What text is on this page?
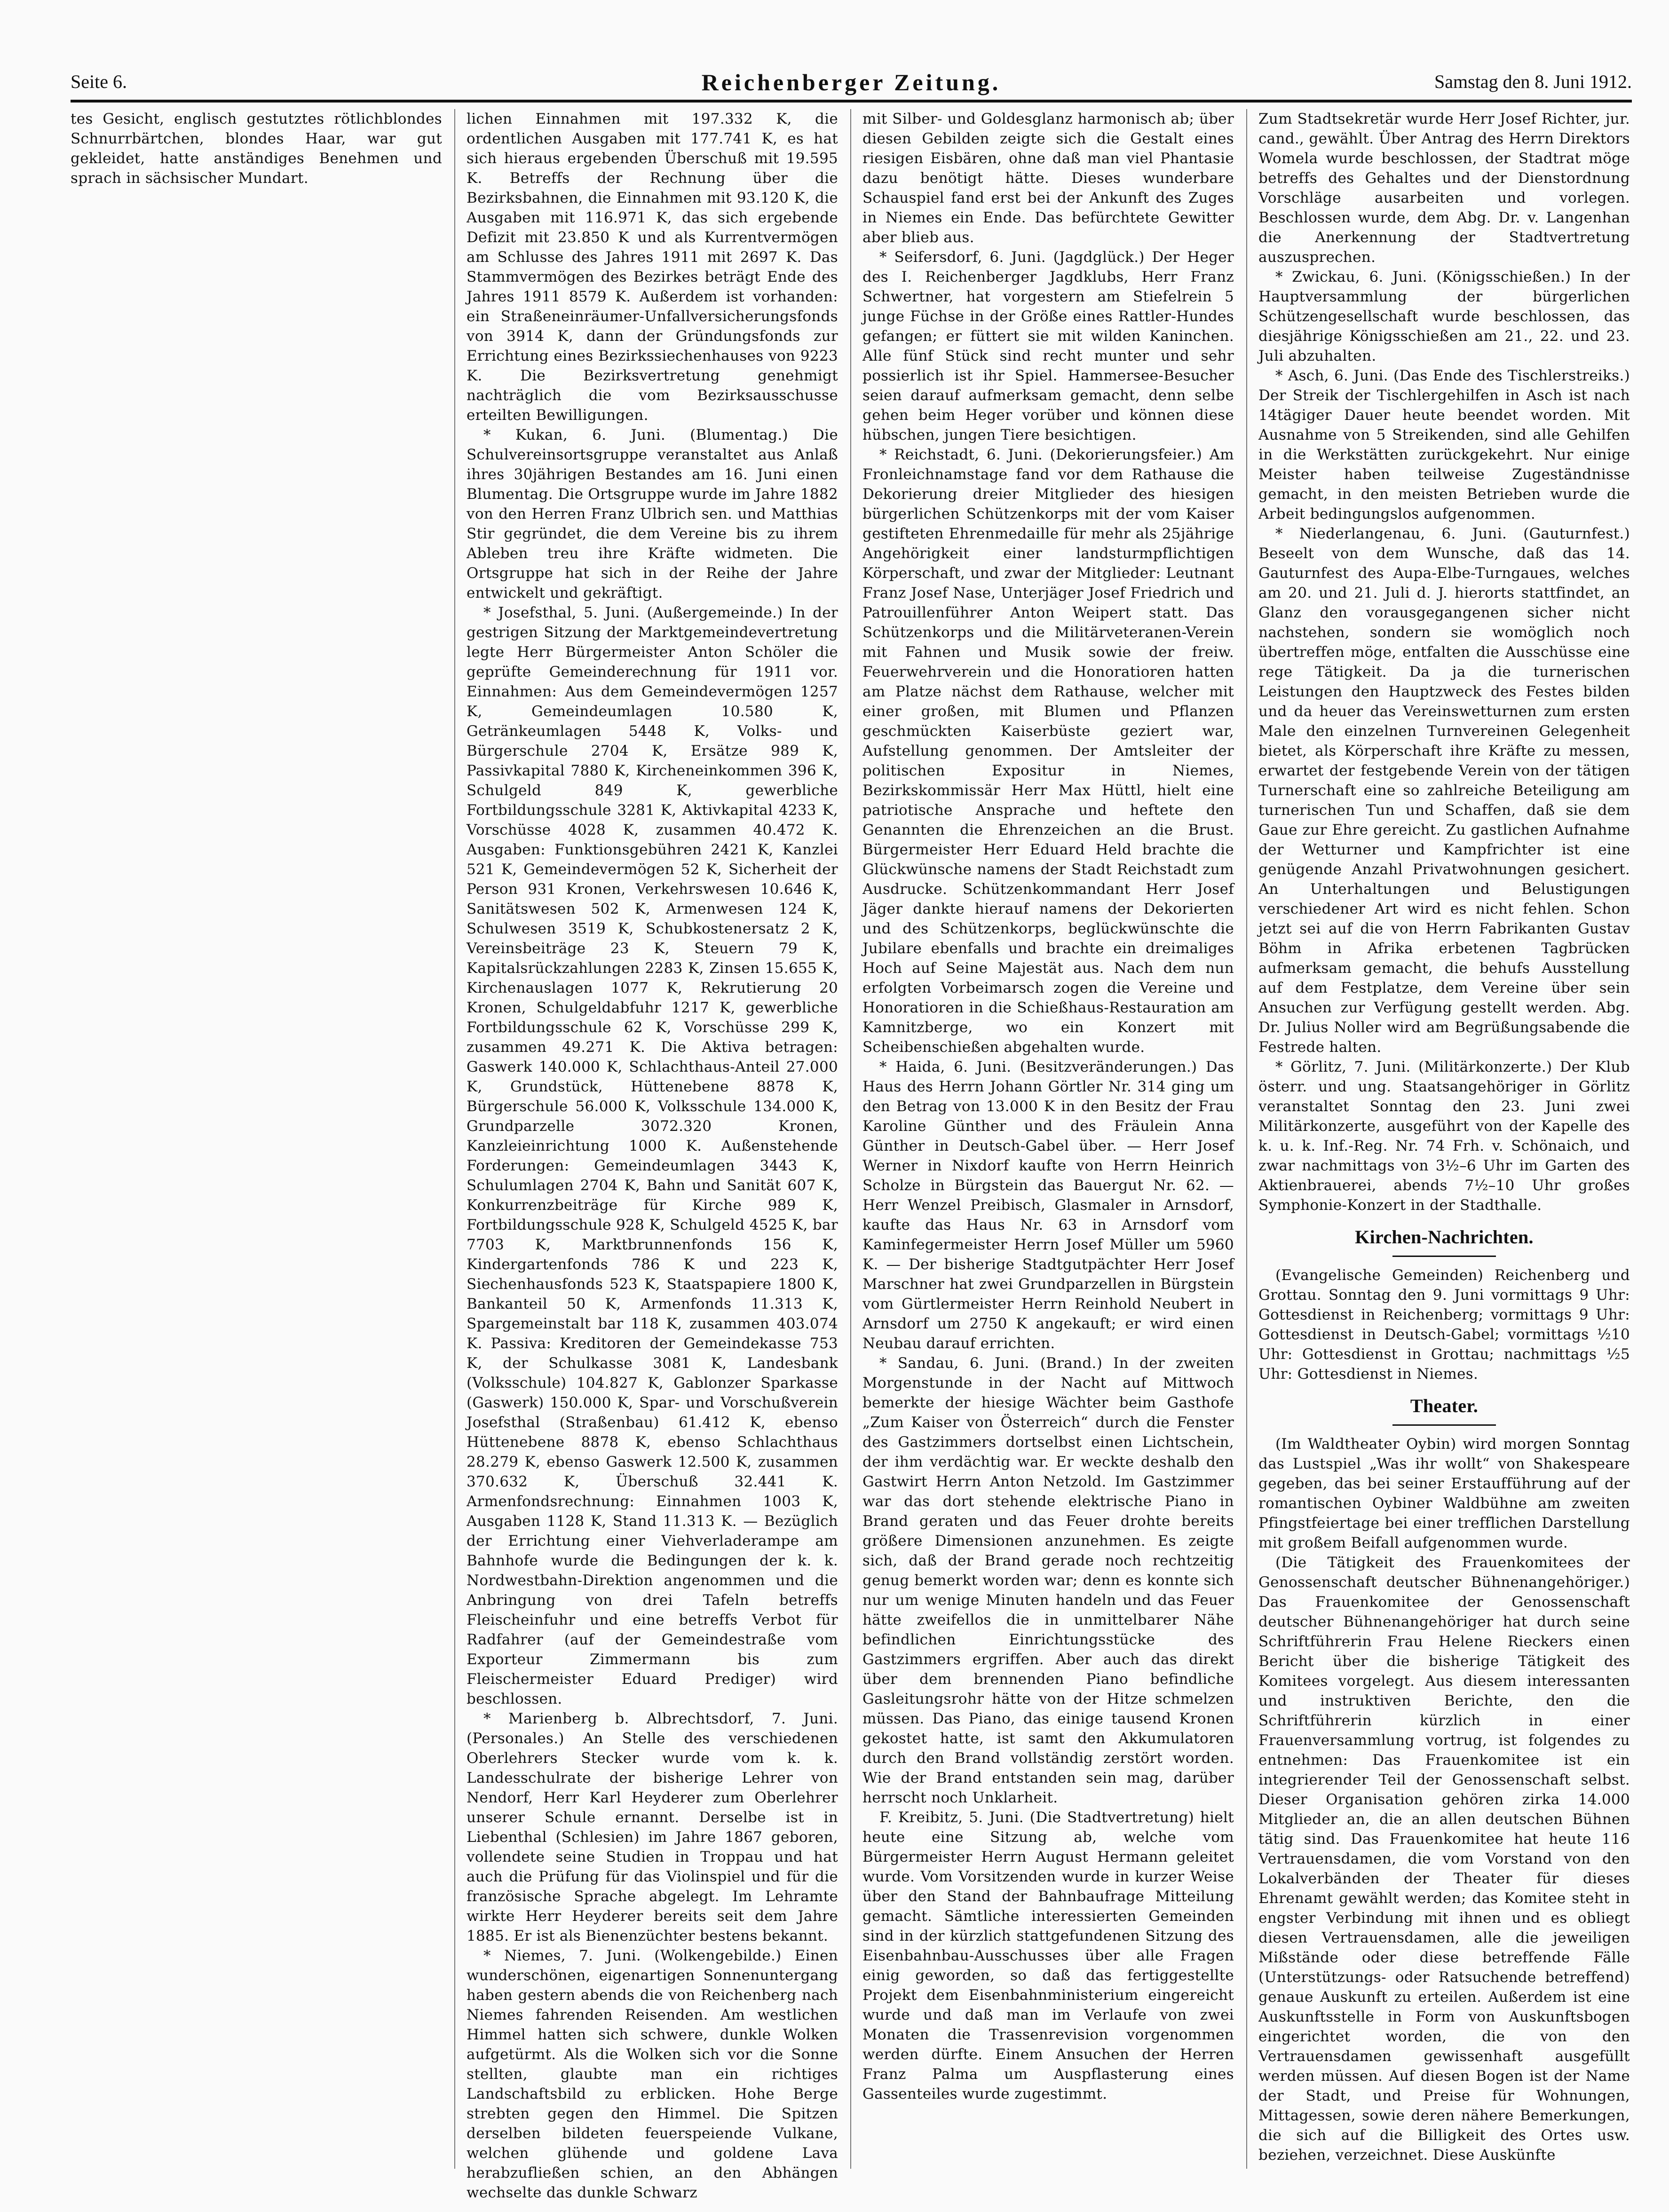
Seite 6.	Reichenberger Zeitung.	Samstag den 8. Juni 1912.

tes Gesicht, englisch gestutztes rötlichblondes Schnurrbärtchen, blondes Haar, war gut gekleidet, hatte anständiges Benehmen und sprach in sächsischer Mundart.

lichen Einnahmen mit 197.332 K, die ordentlichen Ausgaben mit 177.741 K, es hat sich hieraus ergebenden Überschuß mit 19.595 K. Betreffs der Rechnung über die Bezirksbahnen, die Einnahmen mit 93.120 K, die Ausgaben mit 116.971 K, das sich ergebende Defizit mit 23.850 K und als Kurrentvermögen am Schlusse des Jahres 1911 mit 2697 K. Das Stammvermögen des Bezirkes beträgt Ende des Jahres 1911 8579 K. Außerdem ist vorhanden: ein Straßeneinräumer-Unfallversicherungsfonds von 3914 K, dann der Gründungsfonds zur Errichtung eines Bezirkssiechenhauses von 9223 K. Die Bezirksvertretung genehmigt nachträglich die vom Bezirksausschusse erteilten Bewilligungen.

* Kukan, 6. Juni. (Blumentag.) Die Schulvereinsortsgruppe veranstaltet aus Anlaß ihres 30jährigen Bestandes am 16. Juni einen Blumentag. Die Ortsgruppe wurde im Jahre 1882 von den Herren Franz Ulbrich sen. und Matthias Stir gegründet, die dem Vereine bis zu ihrem Ableben treu ihre Kräfte widmeten. Die Ortsgruppe hat sich in der Reihe der Jahre entwickelt und gekräftigt.

* Josefsthal, 5. Juni. (Außergemeinde.) In der gestrigen Sitzung der Marktgemeindevertretung legte Herr Bürgermeister Anton Schöler die geprüfte Gemeinderechnung für 1911 vor. Einnahmen: Aus dem Gemeindevermögen 1257 K, Gemeindeumlagen 10.580 K, Getränkeumlagen 5448 K, Volks- und Bürgerschule 2704 K, Ersätze 989 K, Passivkapital 7880 K, Kircheneinkommen 396 K, Schulgeld 849 K, gewerbliche Fortbildungsschule 3281 K, Aktivkapital 4233 K, Vorschüsse 4028 K, zusammen 40.472 K. Ausgaben: Funktionsgebühren 2421 K, Kanzlei 521 K, Gemeindevermögen 52 K, Sicherheit der Person 931 Kronen, Verkehrswesen 10.646 K, Sanitätswesen 502 K, Armenwesen 124 K, Schulwesen 3519 K, Schubkostenersatz 2 K, Vereinsbeiträge 23 K, Steuern 79 K, Kapitalsrückzahlungen 2283 K, Zinsen 15.655 K, Kirchenauslagen 1077 K, Rekrutierung 20 Kronen, Schulgeldabfuhr 1217 K, gewerbliche Fortbildungsschule 62 K, Vorschüsse 299 K, zusammen 49.271 K. Die Aktiva betragen: Gaswerk 140.000 K, Schlachthaus-Anteil 27.000 K, Grundstück, Hüttenebene 8878 K, Bürgerschule 56.000 K, Volksschule 134.000 K, Grundparzelle 3072.320 Kronen, Kanzleieinrichtung 1000 K. Außenstehende Forderungen: Gemeindeumlagen 3443 K, Schulumlagen 2704 K, Bahn und Sanität 607 K, Konkurrenzbeiträge für Kirche 989 K, Fortbildungsschule 928 K, Schulgeld 4525 K, bar 7703 K, Marktbrunnenfonds 156 K, Kindergartenfonds 786 K und 223 K, Siechenhausfonds 523 K, Staatspapiere 1800 K, Bankanteil 50 K, Armenfonds 11.313 K, Spargemeinstalt bar 118 K, zusammen 403.074 K. Passiva: Kreditoren der Gemeindekasse 753 K, der Schulkasse 3081 K, Landesbank (Volksschule) 104.827 K, Gablonzer Sparkasse (Gaswerk) 150.000 K, Spar- und Vorschußverein Josefsthal (Straßenbau) 61.412 K, ebenso Hüttenebene 8878 K, ebenso Schlachthaus 28.279 K, ebenso Gaswerk 12.500 K, zusammen 370.632 K, Überschuß 32.441 K. Armenfondsrechnung: Einnahmen 1003 K, Ausgaben 1128 K, Stand 11.313 K. — Bezüglich der Errichtung einer Viehverladerampe am Bahnhofe wurde die Bedingungen der k. k. Nordwestbahn-Direktion angenommen und die Anbringung von drei Tafeln betreffs Fleischeinfuhr und eine betreffs Verbot für Radfahrer (auf der Gemeindestraße vom Exporteur Zimmermann bis zum Fleischermeister Eduard Prediger) wird beschlossen.

* Marienberg b. Albrechtsdorf, 7. Juni. (Personales.) An Stelle des verschiedenen Oberlehrers Stecker wurde vom k. k. Landesschulrate der bisherige Lehrer von Nendorf, Herr Karl Heyderer zum Oberlehrer unserer Schule ernannt. Derselbe ist in Liebenthal (Schlesien) im Jahre 1867 geboren, vollendete seine Studien in Troppau und hat auch die Prüfung für das Violinspiel und für die französische Sprache abgelegt. Im Lehramte wirkte Herr Heyderer bereits seit dem Jahre 1885. Er ist als Bienenzüchter bestens bekannt.

* Niemes, 7. Juni. (Wolkengebilde.) Einen wunderschönen, eigenartigen Sonnenuntergang haben gestern abends die von Reichenberg nach Niemes fahrenden Reisenden. Am westlichen Himmel hatten sich schwere, dunkle Wolken aufgetürmt. Als die Wolken sich vor die Sonne stellten, glaubte man ein richtiges Landschaftsbild zu erblicken. Hohe Berge strebten gegen den Himmel. Die Spitzen derselben bildeten feuerspeiende Vulkane, welchen glühende und goldene Lava herabzufließen schien, an den Abhängen wechselte das dunkle Schwarz

mit Silber- und Goldesglanz harmonisch ab; über diesen Gebilden zeigte sich die Gestalt eines riesigen Eisbären, ohne daß man viel Phantasie dazu benötigt hätte. Dieses wunderbare Schauspiel fand erst bei der Ankunft des Zuges in Niemes ein Ende. Das befürchtete Gewitter aber blieb aus.

* Seifersdorf, 6. Juni. (Jagdglück.) Der Heger des I. Reichenberger Jagdklubs, Herr Franz Schwertner, hat vorgestern am Stiefelrein 5 junge Füchse in der Größe eines Rattler-Hundes gefangen; er füttert sie mit wilden Kaninchen. Alle fünf Stück sind recht munter und sehr possierlich ist ihr Spiel. Hammersee-Besucher seien darauf aufmerksam gemacht, denn selbe gehen beim Heger vorüber und können diese hübschen, jungen Tiere besichtigen.

* Reichstadt, 6. Juni. (Dekorierungsfeier.) Am Fronleichnamstage fand vor dem Rathause die Dekorierung dreier Mitglieder des hiesigen bürgerlichen Schützenkorps mit der vom Kaiser gestifteten Ehrenmedaille für mehr als 25jährige Angehörigkeit einer landsturmpflichtigen Körperschaft, und zwar der Mitglieder: Leutnant Franz Josef Nase, Unterjäger Josef Friedrich und Patrouillenführer Anton Weipert statt. Das Schützenkorps und die Militärveteranen-Verein mit Fahnen und Musik sowie der freiw. Feuerwehrverein und die Honoratioren hatten am Platze nächst dem Rathause, welcher mit einer großen, mit Blumen und Pflanzen geschmückten Kaiserbüste geziert war, Aufstellung genommen. Der Amtsleiter der politischen Expositur in Niemes, Bezirkskommissär Herr Max Hüttl, hielt eine patriotische Ansprache und heftete den Genannten die Ehrenzeichen an die Brust. Bürgermeister Herr Eduard Held brachte die Glückwünsche namens der Stadt Reichstadt zum Ausdrucke. Schützenkommandant Herr Josef Jäger dankte hierauf namens der Dekorierten und des Schützenkorps, beglückwünschte die Jubilare ebenfalls und brachte ein dreimaliges Hoch auf Seine Majestät aus. Nach dem nun erfolgten Vorbeimarsch zogen die Vereine und Honoratioren in die Schießhaus-Restauration am Kamnitzberge, wo ein Konzert mit Scheibenschießen abgehalten wurde.

* Haida, 6. Juni. (Besitzveränderungen.) Das Haus des Herrn Johann Görtler Nr. 314 ging um den Betrag von 13.000 K in den Besitz der Frau Karoline Günther und des Fräulein Anna Günther in Deutsch-Gabel über. — Herr Josef Werner in Nixdorf kaufte von Herrn Heinrich Scholze in Bürgstein das Bauergut Nr. 62. — Herr Wenzel Preibisch, Glasmaler in Arnsdorf, kaufte das Haus Nr. 63 in Arnsdorf vom Kaminfegermeister Herrn Josef Müller um 5960 K. — Der bisherige Stadtgutpächter Herr Josef Marschner hat zwei Grundparzellen in Bürgstein vom Gürtlermeister Herrn Reinhold Neubert in Arnsdorf um 2750 K angekauft; er wird einen Neubau darauf errichten.

* Sandau, 6. Juni. (Brand.) In der zweiten Morgenstunde in der Nacht auf Mittwoch bemerkte der hiesige Wächter beim Gasthofe „Zum Kaiser von Österreich“ durch die Fenster des Gastzimmers dortselbst einen Lichtschein, der ihm verdächtig war. Er weckte deshalb den Gastwirt Herrn Anton Netzold. Im Gastzimmer war das dort stehende elektrische Piano in Brand geraten und das Feuer drohte bereits größere Dimensionen anzunehmen. Es zeigte sich, daß der Brand gerade noch rechtzeitig genug bemerkt worden war; denn es konnte sich nur um wenige Minuten handeln und das Feuer hätte zweifellos die in unmittelbarer Nähe befindlichen Einrichtungsstücke des Gastzimmers ergriffen. Aber auch das direkt über dem brennenden Piano befindliche Gasleitungsrohr hätte von der Hitze schmelzen müssen. Das Piano, das einige tausend Kronen gekostet hatte, ist samt den Akkumulatoren durch den Brand vollständig zerstört worden. Wie der Brand entstanden sein mag, darüber herrscht noch Unklarheit.

F. Kreibitz, 5. Juni. (Die Stadtvertretung) hielt heute eine Sitzung ab, welche vom Bürgermeister Herrn August Hermann geleitet wurde. Vom Vorsitzenden wurde in kurzer Weise über den Stand der Bahnbaufrage Mitteilung gemacht. Sämtliche interessierten Gemeinden sind in der kürzlich stattgefundenen Sitzung des Eisenbahnbau-Ausschusses über alle Fragen einig geworden, so daß das fertiggestellte Projekt dem Eisenbahnministerium eingereicht wurde und daß man im Verlaufe von zwei Monaten die Trassenrevision vorgenommen werden dürfte. Einem Ansuchen der Herren Franz Palma um Auspflasterung eines Gassenteiles wurde zugestimmt.

Zum Stadtsekretär wurde Herr Josef Richter, jur. cand., gewählt. Über Antrag des Herrn Direktors Womela wurde beschlossen, der Stadtrat möge betreffs des Gehaltes und der Dienstordnung Vorschläge ausarbeiten und vorlegen. Beschlossen wurde, dem Abg. Dr. v. Langenhan die Anerkennung der Stadtvertretung auszusprechen.

* Zwickau, 6. Juni. (Königsschießen.) In der Hauptversammlung der bürgerlichen Schützengesellschaft wurde beschlossen, das diesjährige Königsschießen am 21., 22. und 23. Juli abzuhalten.

* Asch, 6. Juni. (Das Ende des Tischlerstreiks.) Der Streik der Tischlergehilfen in Asch ist nach 14tägiger Dauer heute beendet worden. Mit Ausnahme von 5 Streikenden, sind alle Gehilfen in die Werkstätten zurückgekehrt. Nur einige Meister haben teilweise Zugeständnisse gemacht, in den meisten Betrieben wurde die Arbeit bedingungslos aufgenommen.

* Niederlangenau, 6. Juni. (Gauturnfest.) Beseelt von dem Wunsche, daß das 14. Gauturnfest des Aupa-Elbe-Turngaues, welches am 20. und 21. Juli d. J. hierorts stattfindet, an Glanz den vorausgegangenen sicher nicht nachstehen, sondern sie womöglich noch übertreffen möge, entfalten die Ausschüsse eine rege Tätigkeit. Da ja die turnerischen Leistungen den Hauptzweck des Festes bilden und da heuer das Vereinswetturnen zum ersten Male den einzelnen Turnvereinen Gelegenheit bietet, als Körperschaft ihre Kräfte zu messen, erwartet der festgebende Verein von der tätigen Turnerschaft eine so zahlreiche Beteiligung am turnerischen Tun und Schaffen, daß sie dem Gaue zur Ehre gereicht. Zu gastlichen Aufnahme der Wetturner und Kampfrichter ist eine genügende Anzahl Privatwohnungen gesichert. An Unterhaltungen und Belustigungen verschiedener Art wird es nicht fehlen. Schon jetzt sei auf die von Herrn Fabrikanten Gustav Böhm in Afrika erbetenen Tagbrücken aufmerksam gemacht, die behufs Ausstellung auf dem Festplatze, dem Vereine über sein Ansuchen zur Verfügung gestellt werden. Abg. Dr. Julius Noller wird am Begrüßungsabende die Festrede halten.

* Görlitz, 7. Juni. (Militärkonzerte.) Der Klub österr. und ung. Staatsangehöriger in Görlitz veranstaltet Sonntag den 23. Juni zwei Militärkonzerte, ausgeführt von der Kapelle des k. u. k. Inf.-Reg. Nr. 74 Frh. v. Schönaich, und zwar nachmittags von 3½–6 Uhr im Garten des Aktienbrauerei, abends 7½–10 Uhr großes Symphonie-Konzert in der Stadthalle.

Kirchen-Nachrichten.

(Evangelische Gemeinden) Reichenberg und Grottau. Sonntag den 9. Juni vormittags 9 Uhr: Gottesdienst in Reichenberg; vormittags 9 Uhr: Gottesdienst in Deutsch-Gabel; vormittags ½10 Uhr: Gottesdienst in Grottau; nachmittags ½5 Uhr: Gottesdienst in Niemes.

Theater.

(Im Waldtheater Oybin) wird morgen Sonntag das Lustspiel „Was ihr wollt“ von Shakespeare gegeben, das bei seiner Erstaufführung auf der romantischen Oybiner Waldbühne am zweiten Pfingstfeiertage bei einer trefflichen Darstellung mit großem Beifall aufgenommen wurde.

(Die Tätigkeit des Frauenkomitees der Genossenschaft deutscher Bühnenangehöriger.) Das Frauenkomitee der Genossenschaft deutscher Bühnenangehöriger hat durch seine Schriftführerin Frau Helene Rieckers einen Bericht über die bisherige Tätigkeit des Komitees vorgelegt. Aus diesem interessanten und instruktiven Berichte, den die Schriftführerin kürzlich in einer Frauenversammlung vortrug, ist folgendes zu entnehmen: Das Frauenkomitee ist ein integrierender Teil der Genossenschaft selbst. Dieser Organisation gehören zirka 14.000 Mitglieder an, die an allen deutschen Bühnen tätig sind. Das Frauenkomitee hat heute 116 Vertrauensdamen, die vom Vorstand von den Lokalverbänden der Theater für dieses Ehrenamt gewählt werden; das Komitee steht in engster Verbindung mit ihnen und es obliegt diesen Vertrauensdamen, alle die jeweiligen Mißstände oder diese betreffende Fälle (Unterstützungs- oder Ratsuchende betreffend) genaue Auskunft zu erteilen. Außerdem ist eine Auskunftsstelle in Form von Auskunftsbogen eingerichtet worden, die von den Vertrauensdamen gewissenhaft ausgefüllt werden müssen. Auf diesen Bogen ist der Name der Stadt, und Preise für Wohnungen, Mittagessen, sowie deren nähere Bemerkungen, die sich auf die Billigkeit des Ortes usw. beziehen, verzeichnet. Diese Auskünfte
